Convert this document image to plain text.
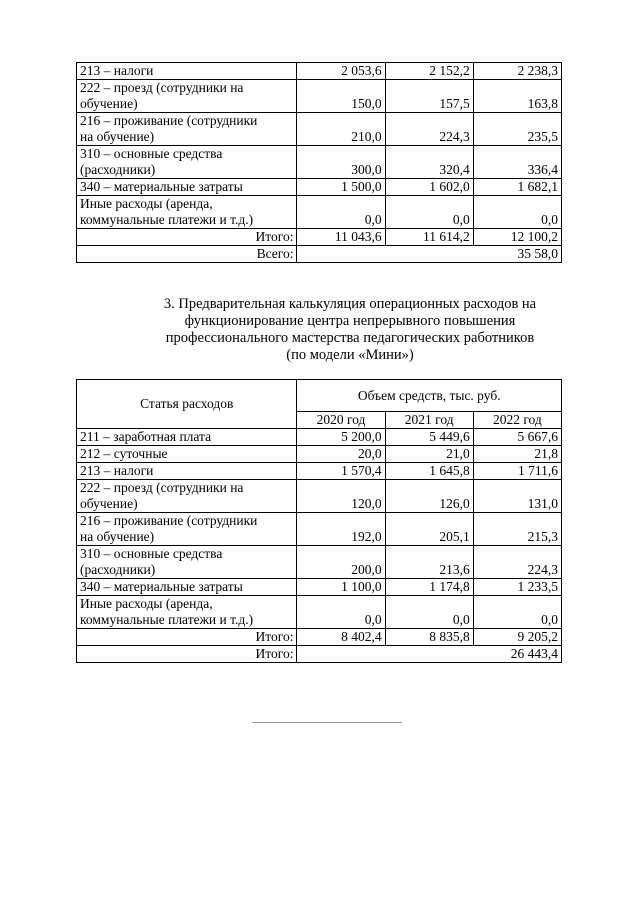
213 – налоги	2 053,6	2 152,2	2 238,3

222 – проезд (сотрудники на
обучение)	150,0	157,5	163,8

216 – проживание (сотрудники
на обучение)	210,0	224,3	235,5

310 – основные средства
(расходники)	300,0	320,4	336,4

340 – материальные затраты	1 500,0	1 602,0	1 682,1

Иные расходы (аренда,
коммунальные платежи и т.д.)	0,0	0,0	0,0
Итого:	11 043,6	11 614,2	12 100,2
Всего:	35 58,0		
3. Предварительная калькуляция операционных расходов на
функционирование центра непрерывного повышения
профессионального мастерства педагогических работников
(по модели «Мини»)
Статья расходов	Объем средств, тыс. руб.		
	2020 год	2021 год	2022 год

211 – заработная плата	5 200,0	5 449,6	5 667,6

212 – суточные	20,0	21,0	21,8

213 – налоги	1 570,4	1 645,8	1 711,6

222 – проезд (сотрудники на
обучение)	120,0	126,0	131,0

216 – проживание (сотрудники
на обучение)	192,0	205,1	215,3

310 – основные средства
(расходники)	200,0	213,6	224,3

340 – материальные затраты	1 100,0	1 174,8	1 233,5

Иные расходы (аренда,
коммунальные платежи и т.д.)	0,0	0,0	0,0
Итого:	8 402,4	8 835,8	9 205,2
Итого:	26 443,4		
